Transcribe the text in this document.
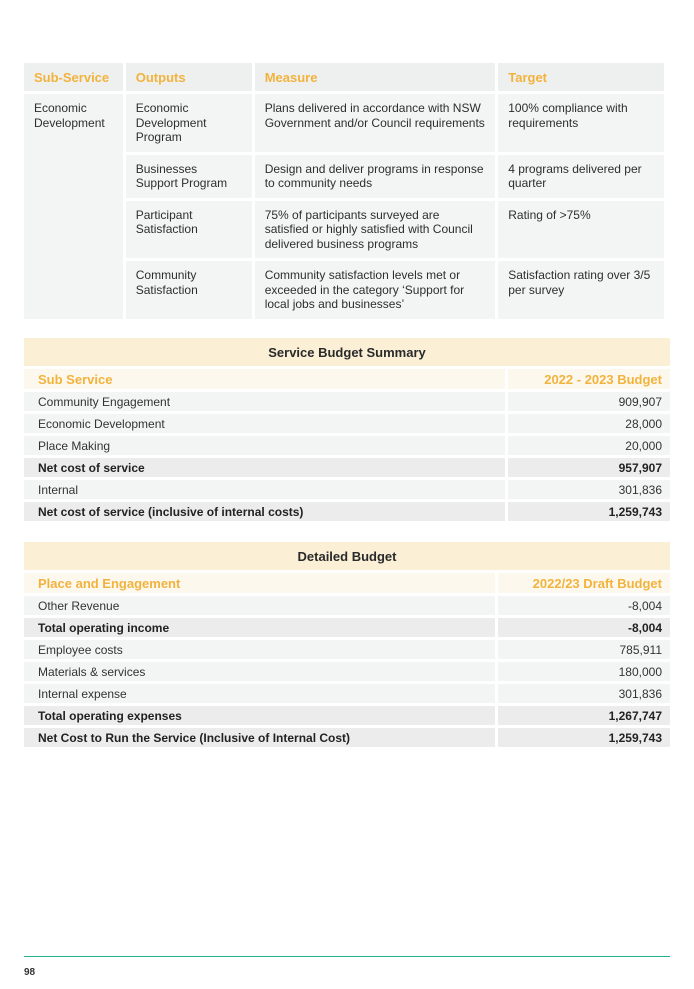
Sub-Service	Outputs	Measure	Target
Economic Development	Economic Development Program	Plans delivered in accordance with NSW Government and/or Council requirements	100% compliance with requirements
	Businesses Support Program	Design and deliver programs in response to community needs	4 programs delivered per quarter
	Participant Satisfaction	75% of participants surveyed are satisfied or highly satisfied with Council delivered business programs	Rating of >75%
	Community Satisfaction	Community satisfaction levels met or exceeded in the category ‘Support for local jobs and businesses’	Satisfaction rating over 3/5 per survey
Service Budget Summary	
Sub Service	2022 - 2023 Budget
Community Engagement	909,907
Economic Development	28,000
Place Making	20,000
Net cost of service	957,907
Internal	301,836
Net cost of service (inclusive of internal costs)	1,259,743
Detailed Budget	
Place and Engagement	2022/23 Draft Budget
Other Revenue	-8,004
Total operating income	-8,004
Employee costs	785,911
Materials & services	180,000
Internal expense	301,836
Total operating expenses	1,267,747
Net Cost to Run the Service (Inclusive of Internal Cost)	1,259,743
98
